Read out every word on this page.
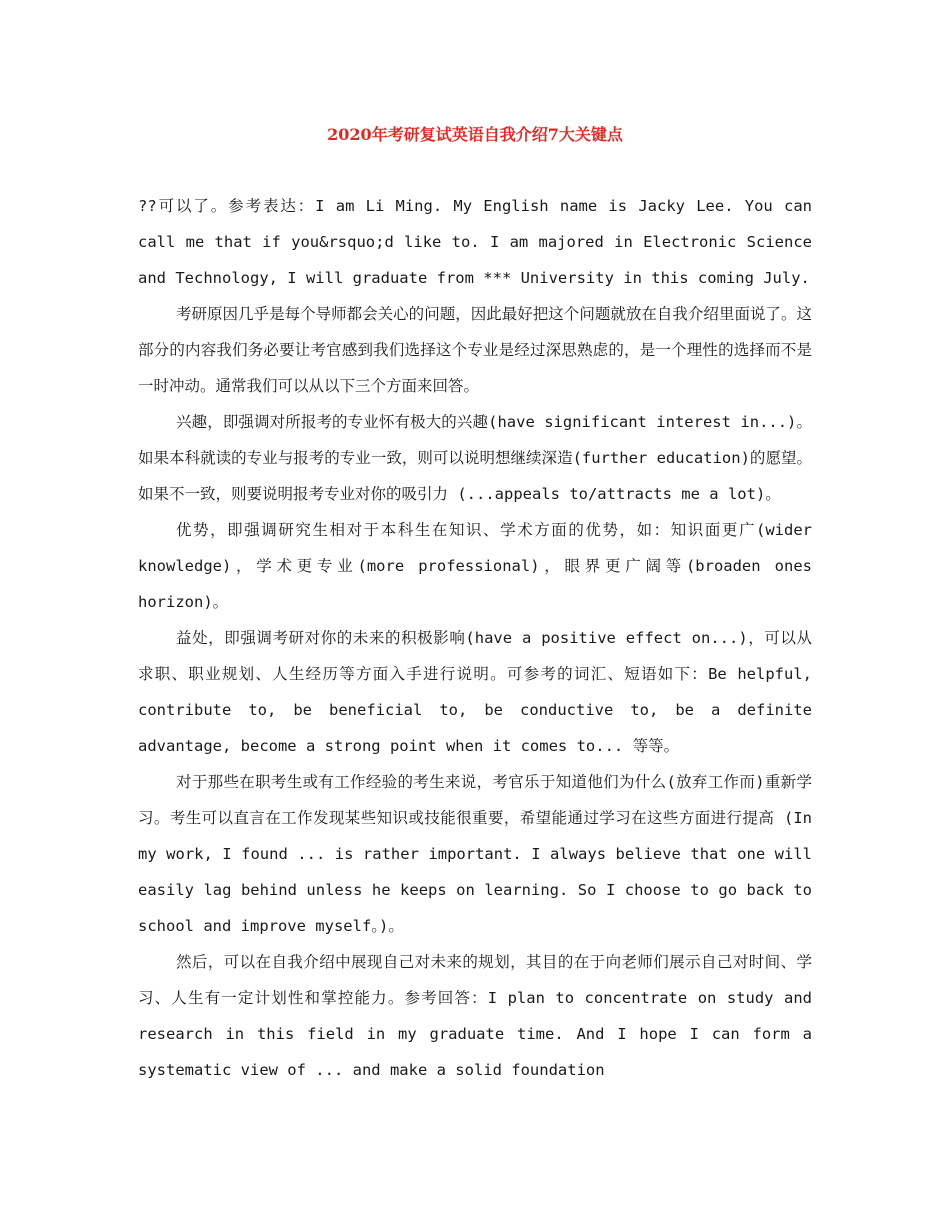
2020年考研复试英语自我介绍7大关键点

??可以了。参考表达：I am Li Ming. My English name is Jacky Lee. You can call me that if you&rsquo;d like to. I am majored in Electronic Science and Technology, I will graduate from *** University in this coming July.

考研原因几乎是每个导师都会关心的问题，因此最好把这个问题就放在自我介绍里面说了。这部分的内容我们务必要让考官感到我们选择这个专业是经过深思熟虑的，是一个理性的选择而不是一时冲动。通常我们可以从以下三个方面来回答。

兴趣，即强调对所报考的专业怀有极大的兴趣(have significant interest in...)。如果本科就读的专业与报考的专业一致，则可以说明想继续深造(further education)的愿望。如果不一致，则要说明报考专业对你的吸引力 (...appeals to/attracts me a lot)。

优势，即强调研究生相对于本科生在知识、学术方面的优势，如：知识面更广(wider knowledge)，学术更专业(more professional)，眼界更广阔等(broaden ones horizon)。

益处，即强调考研对你的未来的积极影响(have a positive effect on...)，可以从求职、职业规划、人生经历等方面入手进行说明。可参考的词汇、短语如下：Be helpful, contribute to, be beneficial to, be conductive to, be a definite advantage, become a strong point when it comes to... 等等。

对于那些在职考生或有工作经验的考生来说，考官乐于知道他们为什么(放弃工作而)重新学习。考生可以直言在工作发现某些知识或技能很重要，希望能通过学习在这些方面进行提高 (In my work, I found ... is rather important. I always believe that one will easily lag behind unless he keeps on learning. So I choose to go back to school and improve myself。)。

然后，可以在自我介绍中展现自己对未来的规划，其目的在于向老师们展示自己对时间、学习、人生有一定计划性和掌控能力。参考回答：I plan to concentrate on study and research in this field in my graduate time. And I hope I can form a systematic view of ... and make a solid foundation
